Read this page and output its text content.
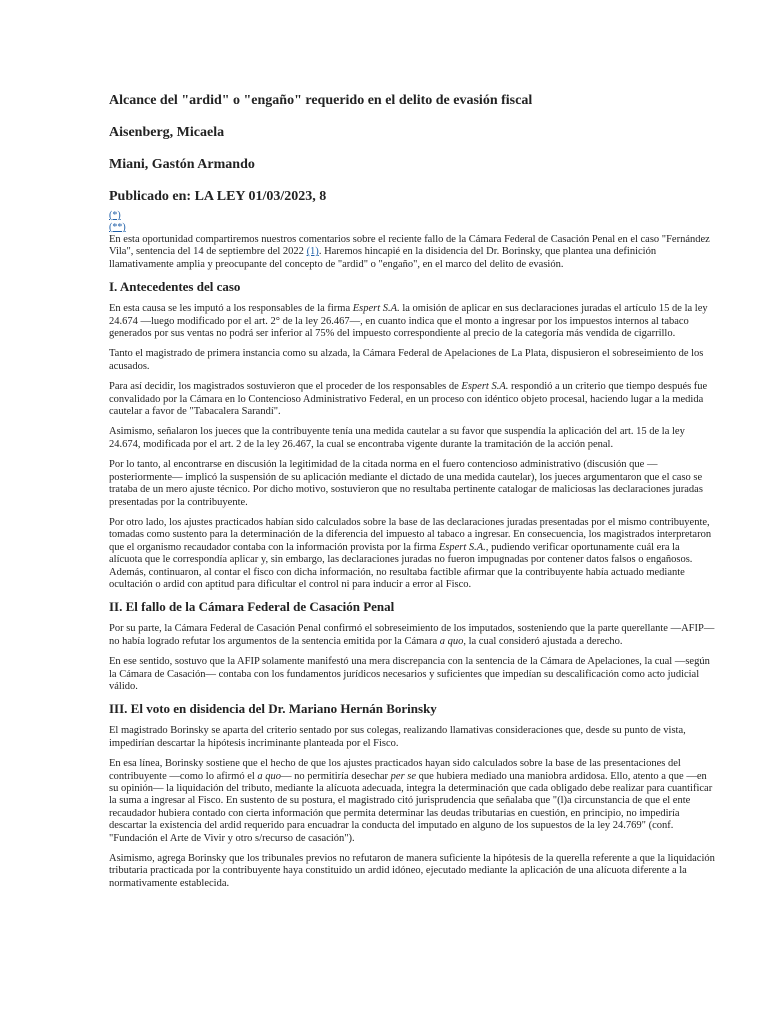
Alcance del "ardid" o "engaño" requerido en el delito de evasión fiscal
Aisenberg, Micaela
Miani, Gastón Armando
Publicado en: LA LEY 01/03/2023, 8
(*)
(**)

En esta oportunidad compartiremos nuestros comentarios sobre el reciente fallo de la Cámara Federal de Casación Penal en el caso "Fernández Vila", sentencia del 14 de septiembre del 2022 (1). Haremos hincapié en la disidencia del Dr. Borinsky, que plantea una definición llamativamente amplia y preocupante del concepto de "ardid" o "engaño", en el marco del delito de evasión.

I. Antecedentes del caso

En esta causa se les imputó a los responsables de la firma Espert S.A. la omisión de aplicar en sus declaraciones juradas el artículo 15 de la ley 24.674 —luego modificado por el art. 2° de la ley 26.467—, en cuanto indica que el monto a ingresar por los impuestos internos al tabaco generados por sus ventas no podrá ser inferior al 75% del impuesto correspondiente al precio de la categoría más vendida de cigarrillo.

Tanto el magistrado de primera instancia como su alzada, la Cámara Federal de Apelaciones de La Plata, dispusieron el sobreseimiento de los acusados.

Para así decidir, los magistrados sostuvieron que el proceder de los responsables de Espert S.A. respondió a un criterio que tiempo después fue convalidado por la Cámara en lo Contencioso Administrativo Federal, en un proceso con idéntico objeto procesal, haciendo lugar a la medida cautelar a favor de "Tabacalera Sarandí".

Asimismo, señalaron los jueces que la contribuyente tenía una medida cautelar a su favor que suspendía la aplicación del art. 15 de la ley 24.674, modificada por el art. 2 de la ley 26.467, la cual se encontraba vigente durante la tramitación de la acción penal.

Por lo tanto, al encontrarse en discusión la legitimidad de la citada norma en el fuero contencioso administrativo (discusión que —posteriormente— implicó la suspensión de su aplicación mediante el dictado de una medida cautelar), los jueces argumentaron que el caso se trataba de un mero ajuste técnico. Por dicho motivo, sostuvieron que no resultaba pertinente catalogar de maliciosas las declaraciones juradas presentadas por la contribuyente.

Por otro lado, los ajustes practicados habían sido calculados sobre la base de las declaraciones juradas presentadas por el mismo contribuyente, tomadas como sustento para la determinación de la diferencia del impuesto al tabaco a ingresar. En consecuencia, los magistrados interpretaron que el organismo recaudador contaba con la información provista por la firma Espert S.A., pudiendo verificar oportunamente cuál era la alícuota que le correspondía aplicar y, sin embargo, las declaraciones juradas no fueron impugnadas por contener datos falsos o engañosos. Además, continuaron, al contar el fisco con dicha información, no resultaba factible afirmar que la contribuyente había actuado mediante ocultación o ardid con aptitud para dificultar el control ni para inducir a error al Fisco.

II. El fallo de la Cámara Federal de Casación Penal

Por su parte, la Cámara Federal de Casación Penal confirmó el sobreseimiento de los imputados, sosteniendo que la parte querellante —AFIP— no había logrado refutar los argumentos de la sentencia emitida por la Cámara a quo, la cual consideró ajustada a derecho.

En ese sentido, sostuvo que la AFIP solamente manifestó una mera discrepancia con la sentencia de la Cámara de Apelaciones, la cual —según la Cámara de Casación— contaba con los fundamentos jurídicos necesarios y suficientes que impedían su descalificación como acto judicial válido.

III. El voto en disidencia del Dr. Mariano Hernán Borinsky

El magistrado Borinsky se aparta del criterio sentado por sus colegas, realizando llamativas consideraciones que, desde su punto de vista, impedirían descartar la hipótesis incriminante planteada por el Fisco.

En esa línea, Borinsky sostiene que el hecho de que los ajustes practicados hayan sido calculados sobre la base de las presentaciones del contribuyente —como lo afirmó el a quo— no permitiría desechar per se que hubiera mediado una maniobra ardidosa. Ello, atento a que —en su opinión— la liquidación del tributo, mediante la alícuota adecuada, integra la determinación que cada obligado debe realizar para cuantificar la suma a ingresar al Fisco. En sustento de su postura, el magistrado citó jurisprudencia que señalaba que "(l)a circunstancia de que el ente recaudador hubiera contado con cierta información que permita determinar las deudas tributarias en cuestión, en principio, no impediría descartar la existencia del ardid requerido para encuadrar la conducta del imputado en alguno de los supuestos de la ley 24.769" (conf. "Fundación el Arte de Vivir y otro s/recurso de casación").

Asimismo, agrega Borinsky que los tribunales previos no refutaron de manera suficiente la hipótesis de la querella referente a que la liquidación tributaria practicada por la contribuyente haya constituido un ardid idóneo, ejecutado mediante la aplicación de una alícuota diferente a la normativamente establecida.
